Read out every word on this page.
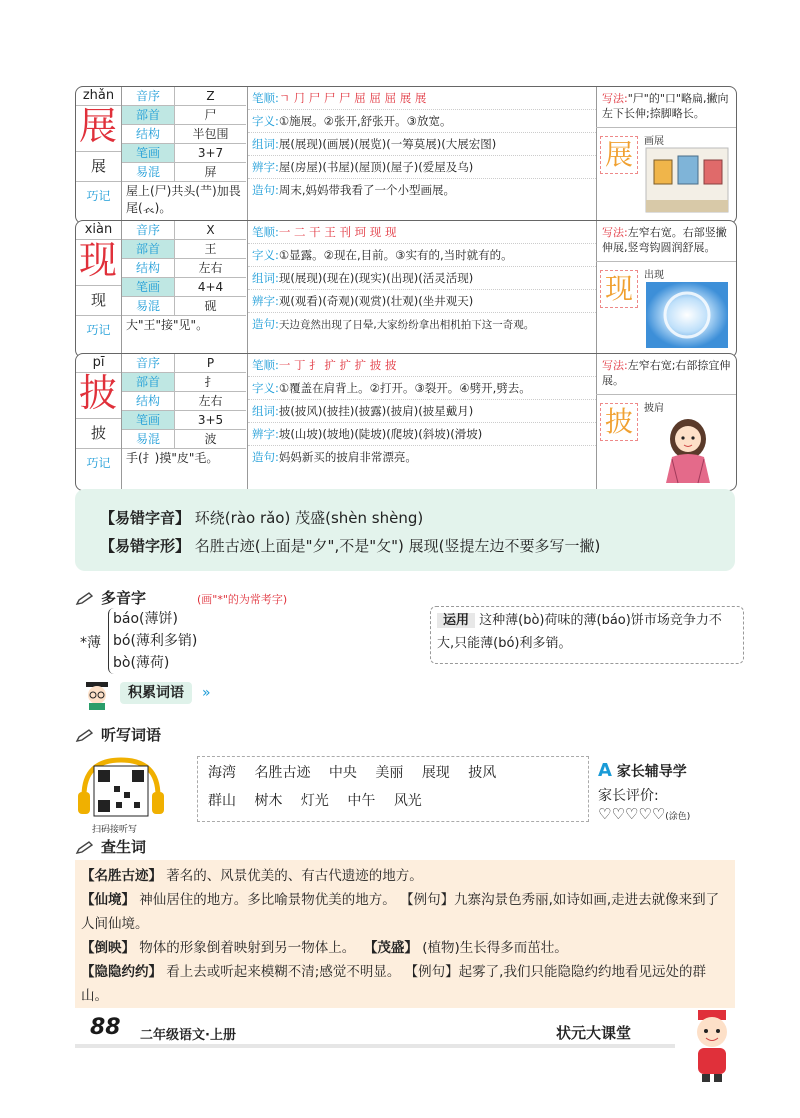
zhǎn
展
展
巧记
音序	Z
部首	尸
结构	半包围
笔画	3+7
易混	屏
屋上(尸)共头(龷)加畏尾(𧘇)。
笔顺:ㄱ ⺆ 尸 尸 尸 屈 屈 屈 展 展
字义:①施展。②张开,舒张开。③放宽。
组词:展(展现)(画展)(展览)(一筹莫展)(大展宏图)
辨字:屋(房屋)(书屋)(屋顶)(屋子)(爱屋及乌)
造句:周末,妈妈带我看了一个小型画展。
写法:"尸"的"口"略扁,撇向左下长伸;捺脚略长。
展	画展
xiàn
现
现
巧记
音序	X
部首	王
结构	左右
笔画	4+4
易混	砚
大"王"接"见"。
笔顺:一 二 干 王 刊 珂 现 现
字义:①显露。②现在,目前。③实有的,当时就有的。
组词:现(展现)(现在)(现实)(出现)(活灵活现)
辨字:观(观看)(奇观)(观赏)(壮观)(坐井观天)
造句:天边竟然出现了日晕,大家纷纷拿出相机拍下这一奇观。
写法:左窄右宽。右部竖撇伸展,竖弯钩圆润舒展。
现	出现
pī
披
披
巧记
音序	P
部首	扌
结构	左右
笔画	3+5
易混	波
手(扌)摸"皮"毛。
笔顺:一 丁 扌 扩 扩 扩 披 披
字义:①覆盖在肩背上。②打开。③裂开。④劈开,劈去。
组词:披(披风)(披挂)(披露)(披肩)(披星戴月)
辨字:坡(山坡)(坡地)(陡坡)(爬坡)(斜坡)(滑坡)
造句:妈妈新买的披肩非常漂亮。
写法:左窄右宽;右部捺宜伸展。
披	披肩
【易错字音】 环绕(rào rǎo) 茂盛(shèn shèng)
【易错字形】 名胜古迹(上面是"夕",不是"攵") 展现(竖提左边不要多写一撇)
多音字	(画"*"的为常考字)
*薄
báo(薄饼)
bó(薄利多销)
bò(薄荷)
运用 这种薄(bò)荷味的薄(báo)饼市场竞争力不大,只能薄(bó)利多销。
积累词语	»
听写词语
扫码接听写
海湾 名胜古迹 中央 美丽 展现 披风
群山 树木 灯光 中午 风光
A 家长辅导学
家长评价:
♡♡♡♡♡(涂色)
查生词
【名胜古迹】 著名的、风景优美的、有古代遗迹的地方。
【仙境】 神仙居住的地方。多比喻景物优美的地方。 【例句】九寨沟景色秀丽,如诗如画,走进去就像来到了人间仙境。
【倒映】 物体的形象倒着映射到另一物体上。 【茂盛】 (植物)生长得多而茁壮。
【隐隐约约】 看上去或听起来模糊不清;感觉不明显。 【例句】起雾了,我们只能隐隐约约地看见远处的群山。
88 二年级语文·上册	状元大课堂
